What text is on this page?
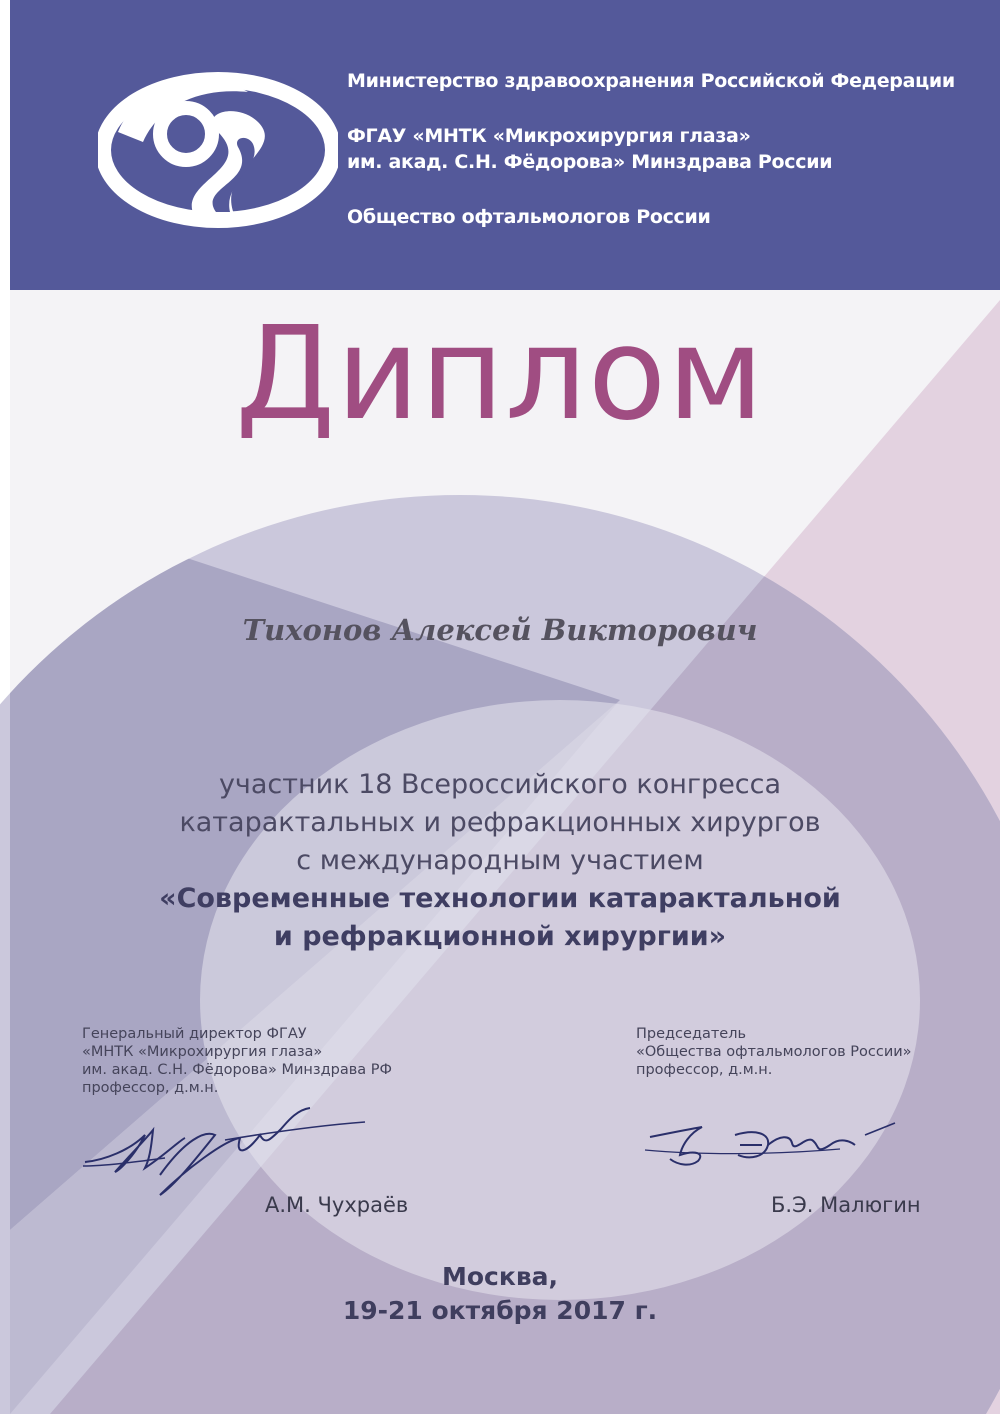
Министерство здравоохранения Российской Федерации
ФГАУ «МНТК «Микрохирургия глаза»
им. акад. С.Н. Фёдорова» Минздрава России
Общество офтальмологов России
Диплом
Тихонов Алексей Викторович
участник 18 Всероссийского конгресса
катарактальных и рефракционных хирургов
с международным участием
«Современные технологии катарактальной
и рефракционной хирургии»
Генеральный директор ФГАУ
«МНТК «Микрохирургия глаза»
им. акад. С.Н. Фёдорова» Минздрава РФ
профессор, д.м.н.
Председатель
«Общества офтальмологов России»
профессор, д.м.н.
А.М. Чухраёв	Б.Э. Малюгин
Москва,
19-21 октября 2017 г.
